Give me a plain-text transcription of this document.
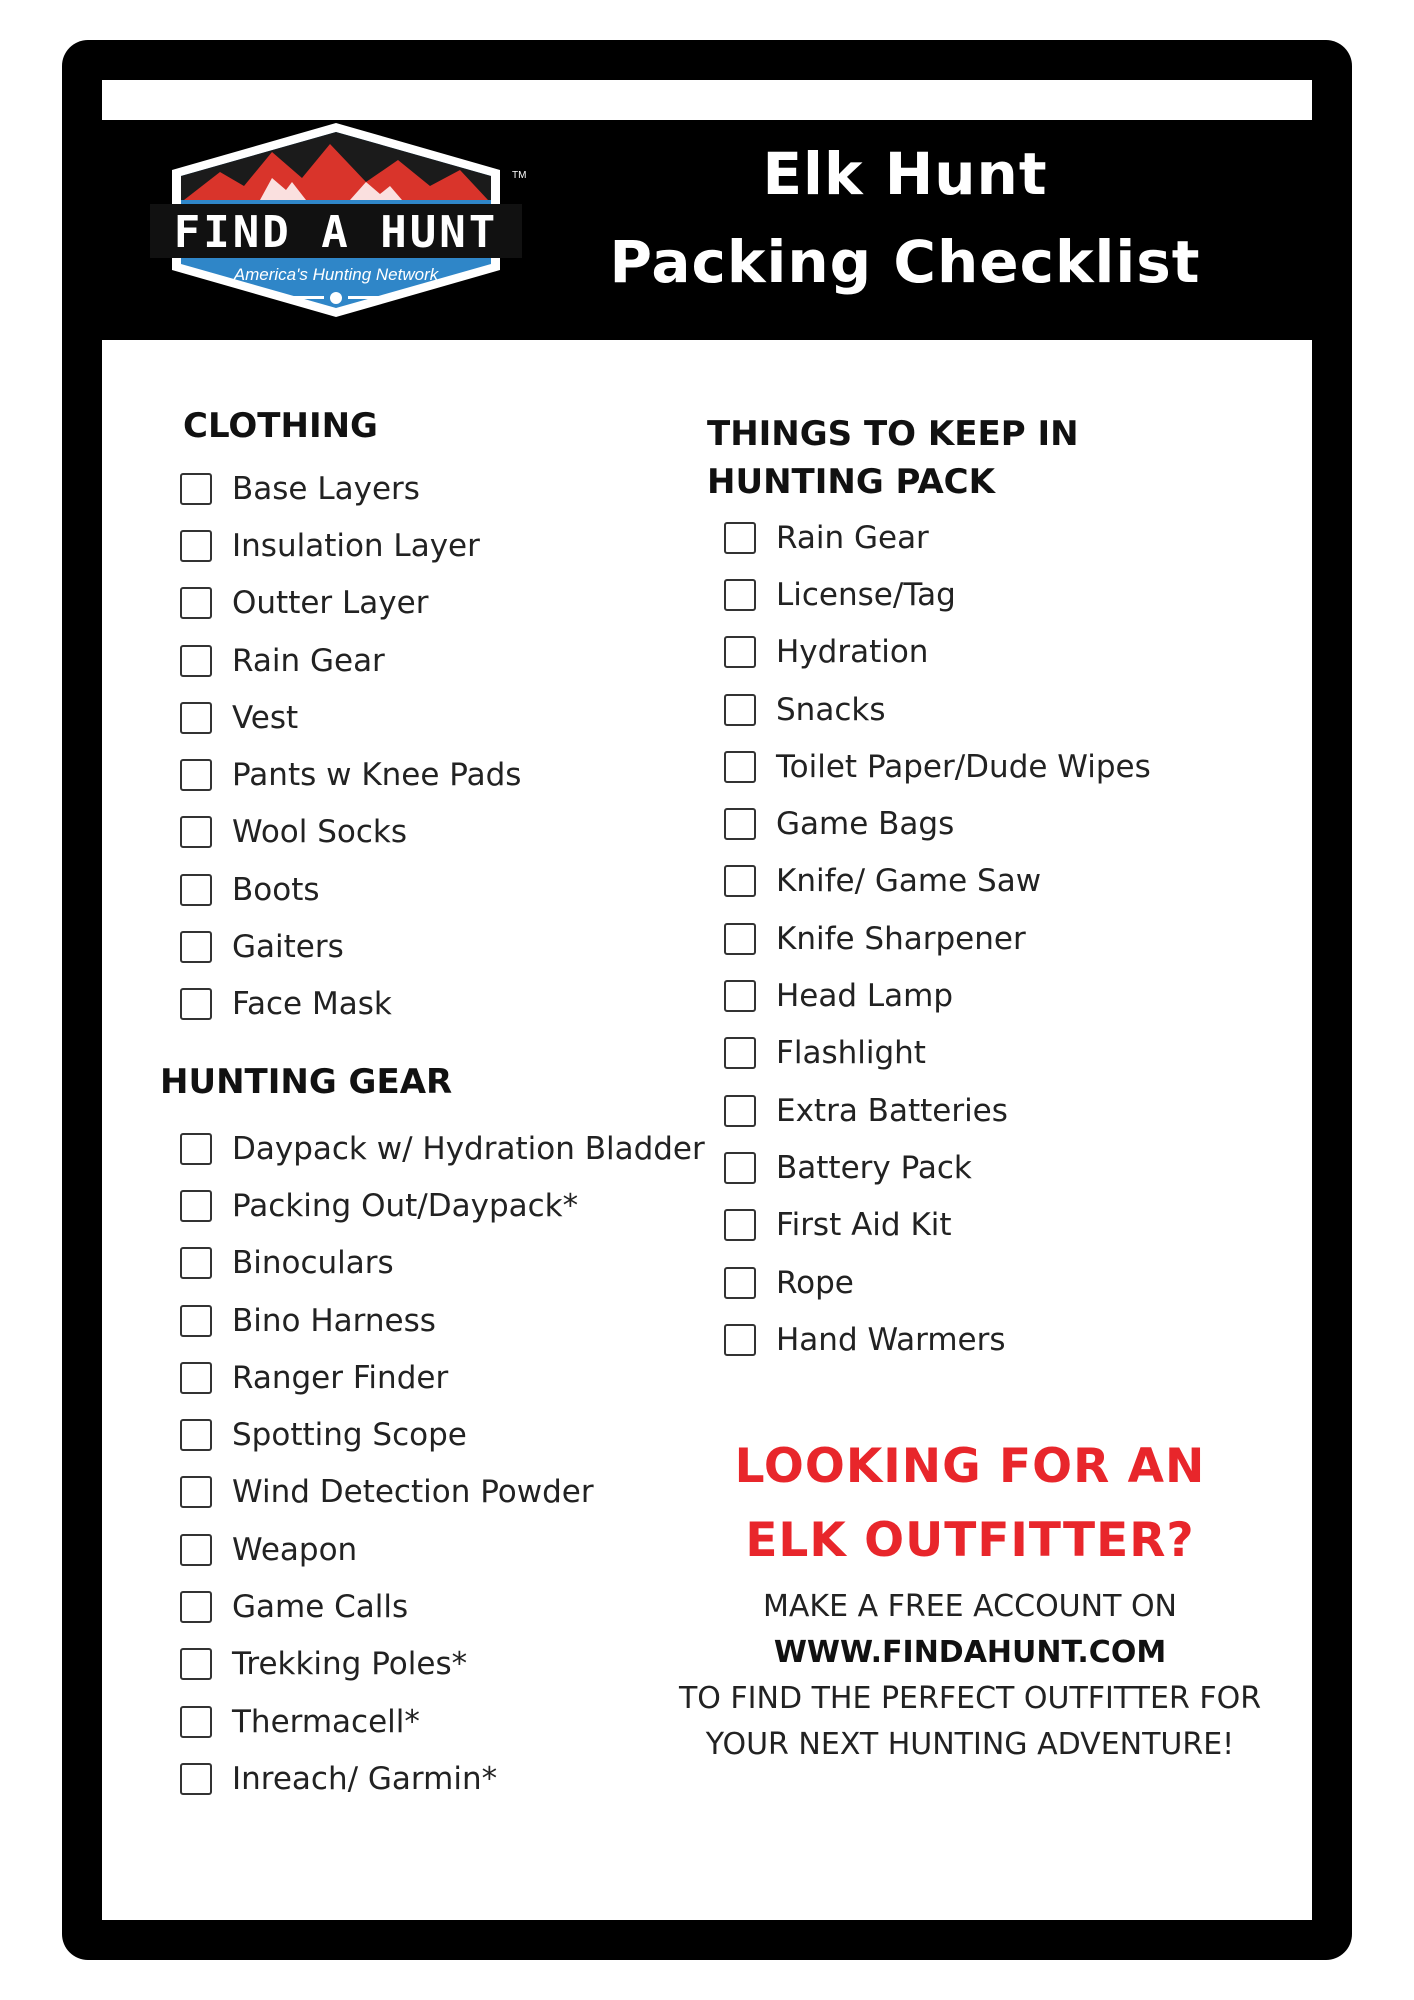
FIND A HUNT
America's Hunting Network
TM	Elk Hunt
Packing Checklist
CLOTHING
Base Layers
Insulation Layer
Outter Layer
Rain Gear
Vest
Pants w Knee Pads
Wool Socks
Boots
Gaiters
Face Mask
HUNTING GEAR
Daypack w/ Hydration Bladder
Packing Out/Daypack*
Binoculars
Bino Harness
Ranger Finder
Spotting Scope
Wind Detection Powder
Weapon
Game Calls
Trekking Poles*
Thermacell*
Inreach/ Garmin*
THINGS TO KEEP IN
HUNTING PACK
Rain Gear
License/Tag
Hydration
Snacks
Toilet Paper/Dude Wipes
Game Bags
Knife/ Game Saw
Knife Sharpener
Head Lamp
Flashlight
Extra Batteries
Battery Pack
First Aid Kit
Rope
Hand Warmers
LOOKING FOR AN
ELK OUTFITTER?
MAKE A FREE ACCOUNT ON
WWW.FINDAHUNT.COM
TO FIND THE PERFECT OUTFITTER FOR
YOUR NEXT HUNTING ADVENTURE!
